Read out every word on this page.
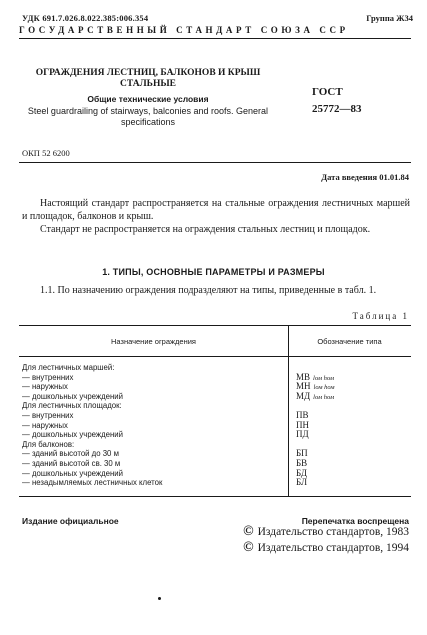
УДК 691.7.026.8.022.385:006.354	Группа Ж34
ГОСУДАРСТВЕННЫЙ СТАНДАРТ СОЮЗА ССР
ОГРАЖДЕНИЯ ЛЕСТНИЦ, БАЛКОНОВ И КРЫШ СТАЛЬНЫЕ
Общие технические условия
Steel guardrailing of stairways, balconies and roofs. General specifications
ГОСТ
25772—83
ОКП 52 6200
Дата введения 01.01.84
Настоящий стандарт распространяется на стальные ограждения лестничных маршей и площадок, балконов и крыш.
Стандарт не распространяется на ограждения стальных лестниц и площадок.
1. ТИПЫ, ОСНОВНЫЕ ПАРАМЕТРЫ И РАЗМЕРЫ
1.1. По назначению ограждения подразделяют на типы, приведенные в табл. 1.
Таблица 1
Назначение ограждения	Обозначение типа
Для лестничных маршей:
— внутренних	МВ lом hом
— наружных	МН lом hом
— дошкольных учреждений	МД lом hом
Для лестничных площадок:
— внутренних	ПВ
— наружных	ПН
— дошкольных учреждений	ПД
Для балконов:
— зданий высотой до 30 м	БП
— зданий высотой св. 30 м	БВ
— дошкольных учреждений	БД
— незадымляемых лестничных клеток	БЛ
Издание официальное	Перепечатка воспрещена
© Издательство стандартов, 1983
© Издательство стандартов, 1994
